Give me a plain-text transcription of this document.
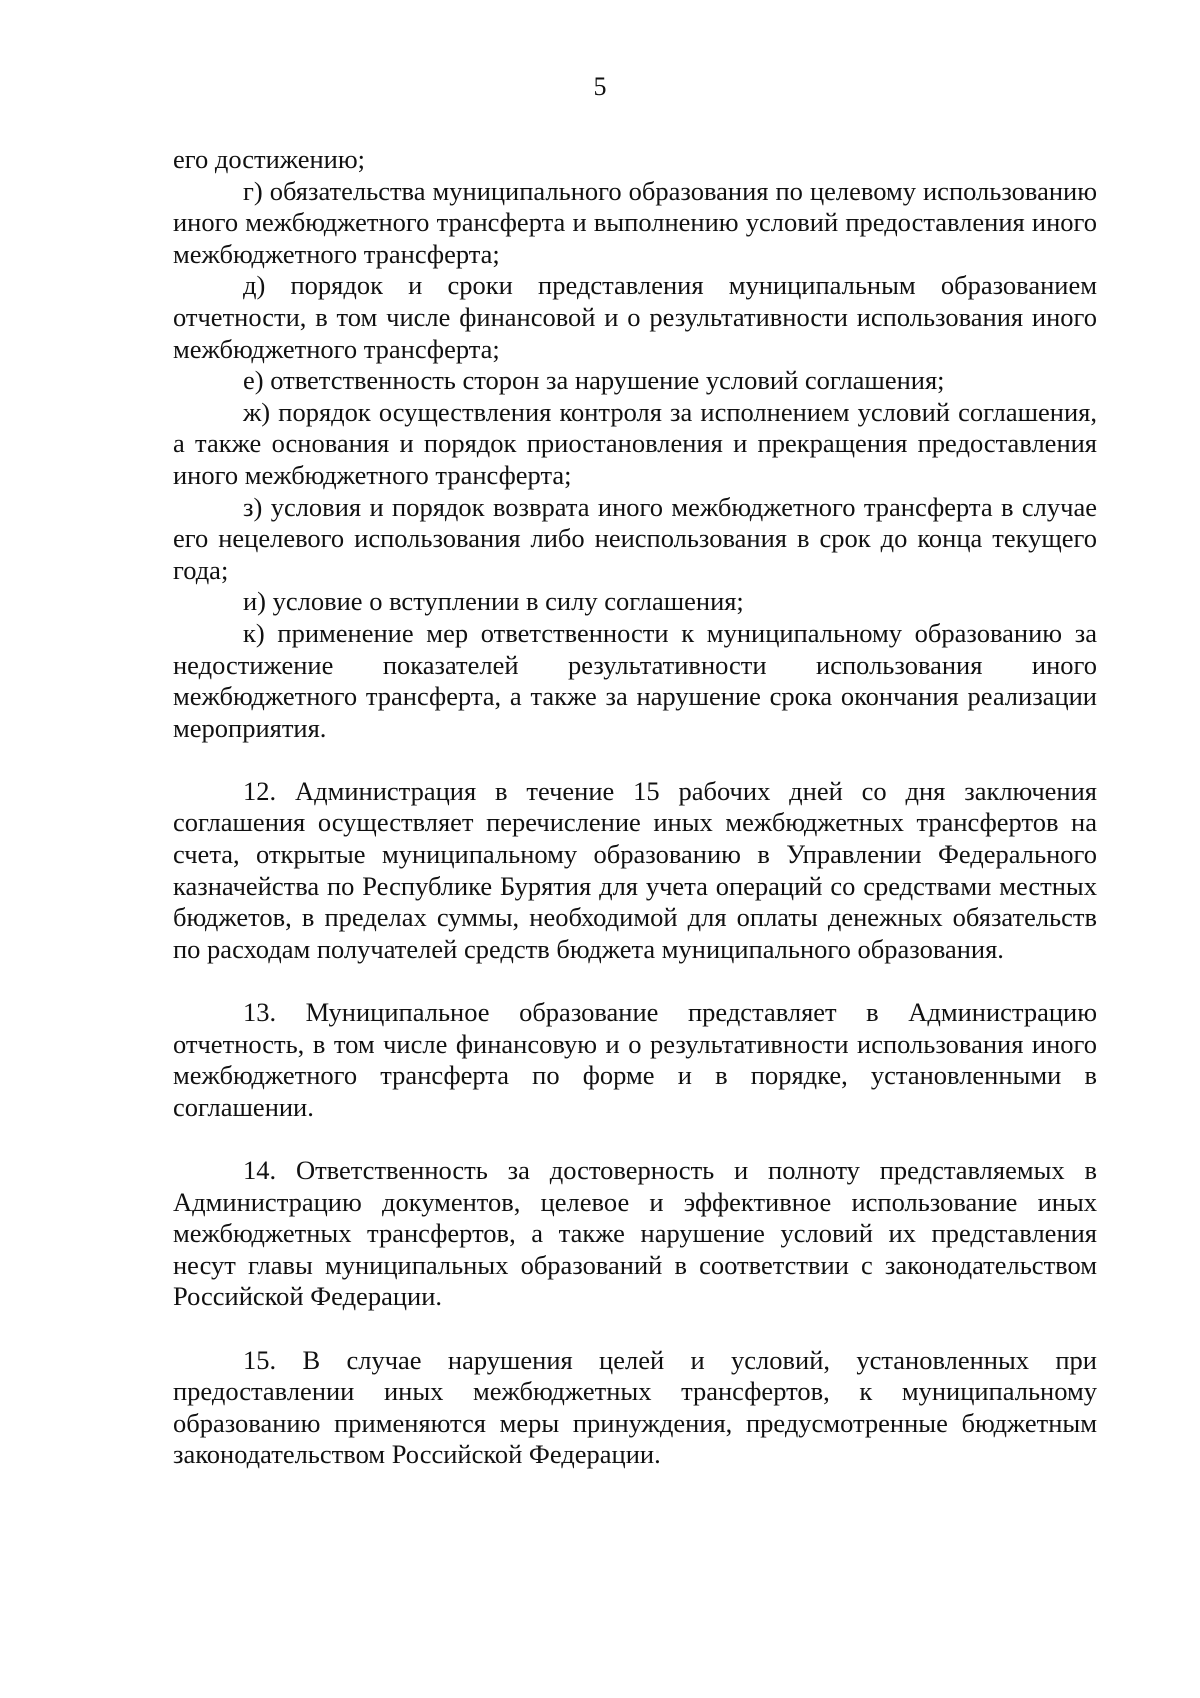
5

его достижению;

г) обязательства муниципального образования по целевому использованию иного межбюджетного трансферта и выполнению условий предоставления иного межбюджетного трансферта;

д) порядок и сроки представления муниципальным образованием отчетности, в том числе финансовой и о результативности использования иного межбюджетного трансферта;

е) ответственность сторон за нарушение условий соглашения;

ж) порядок осуществления контроля за исполнением условий соглашения, а также основания и порядок приостановления и прекращения предоставления иного межбюджетного трансферта;

з) условия и порядок возврата иного межбюджетного трансферта в случае его нецелевого использования либо неиспользования в срок до конца текущего года;

и) условие о вступлении в силу соглашения;

к) применение мер ответственности к муниципальному образованию за недостижение показателей результативности использования иного межбюджетного трансферта, а также за нарушение срока окончания реализации мероприятия.

12. Администрация в течение 15 рабочих дней со дня заключения соглашения осуществляет перечисление иных межбюджетных трансфертов на счета, открытые муниципальному образованию в Управлении Федерального казначейства по Республике Бурятия для учета операций со средствами местных бюджетов, в пределах суммы, необходимой для оплаты денежных обязательств по расходам получателей средств бюджета муниципального образования.

13. Муниципальное образование представляет в Администрацию отчетность, в том числе финансовую и о результативности использования иного межбюджетного трансферта по форме и в порядке, установленными в соглашении.

14. Ответственность за достоверность и полноту представляемых в Администрацию документов, целевое и эффективное использование иных межбюджетных трансфертов, а также нарушение условий их представления несут главы муниципальных образований в соответствии с законодательством Российской Федерации.

15. В случае нарушения целей и условий, установленных при предоставлении иных межбюджетных трансфертов, к муниципальному образованию применяются меры принуждения, предусмотренные бюджетным законодательством Российской Федерации.
